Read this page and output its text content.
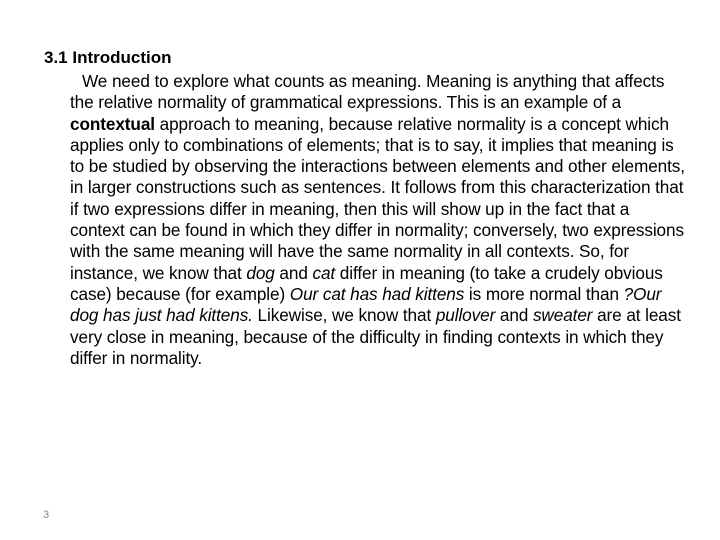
3.1 Introduction
We need to explore what counts as meaning. Meaning is anything that affects the relative normality of grammatical expressions. This is an example of a contextual approach to meaning, because relative normality is a concept which applies only to combinations of elements; that is to say, it implies that meaning is to be studied by observing the interactions between elements and other elements, in larger constructions such as sentences. It follows from this characterization that if two expressions differ in meaning, then this will show up in the fact that a context can be found in which they differ in normality; conversely, two expressions with the same meaning will have the same normality in all contexts. So, for instance, we know that dog and cat differ in meaning (to take a crudely obvious case) because (for example) Our cat has had kittens is more normal than ?Our dog has just had kittens. Likewise, we know that pullover and sweater are at least very close in meaning, because of the difficulty in finding contexts in which they differ in normality.
3
